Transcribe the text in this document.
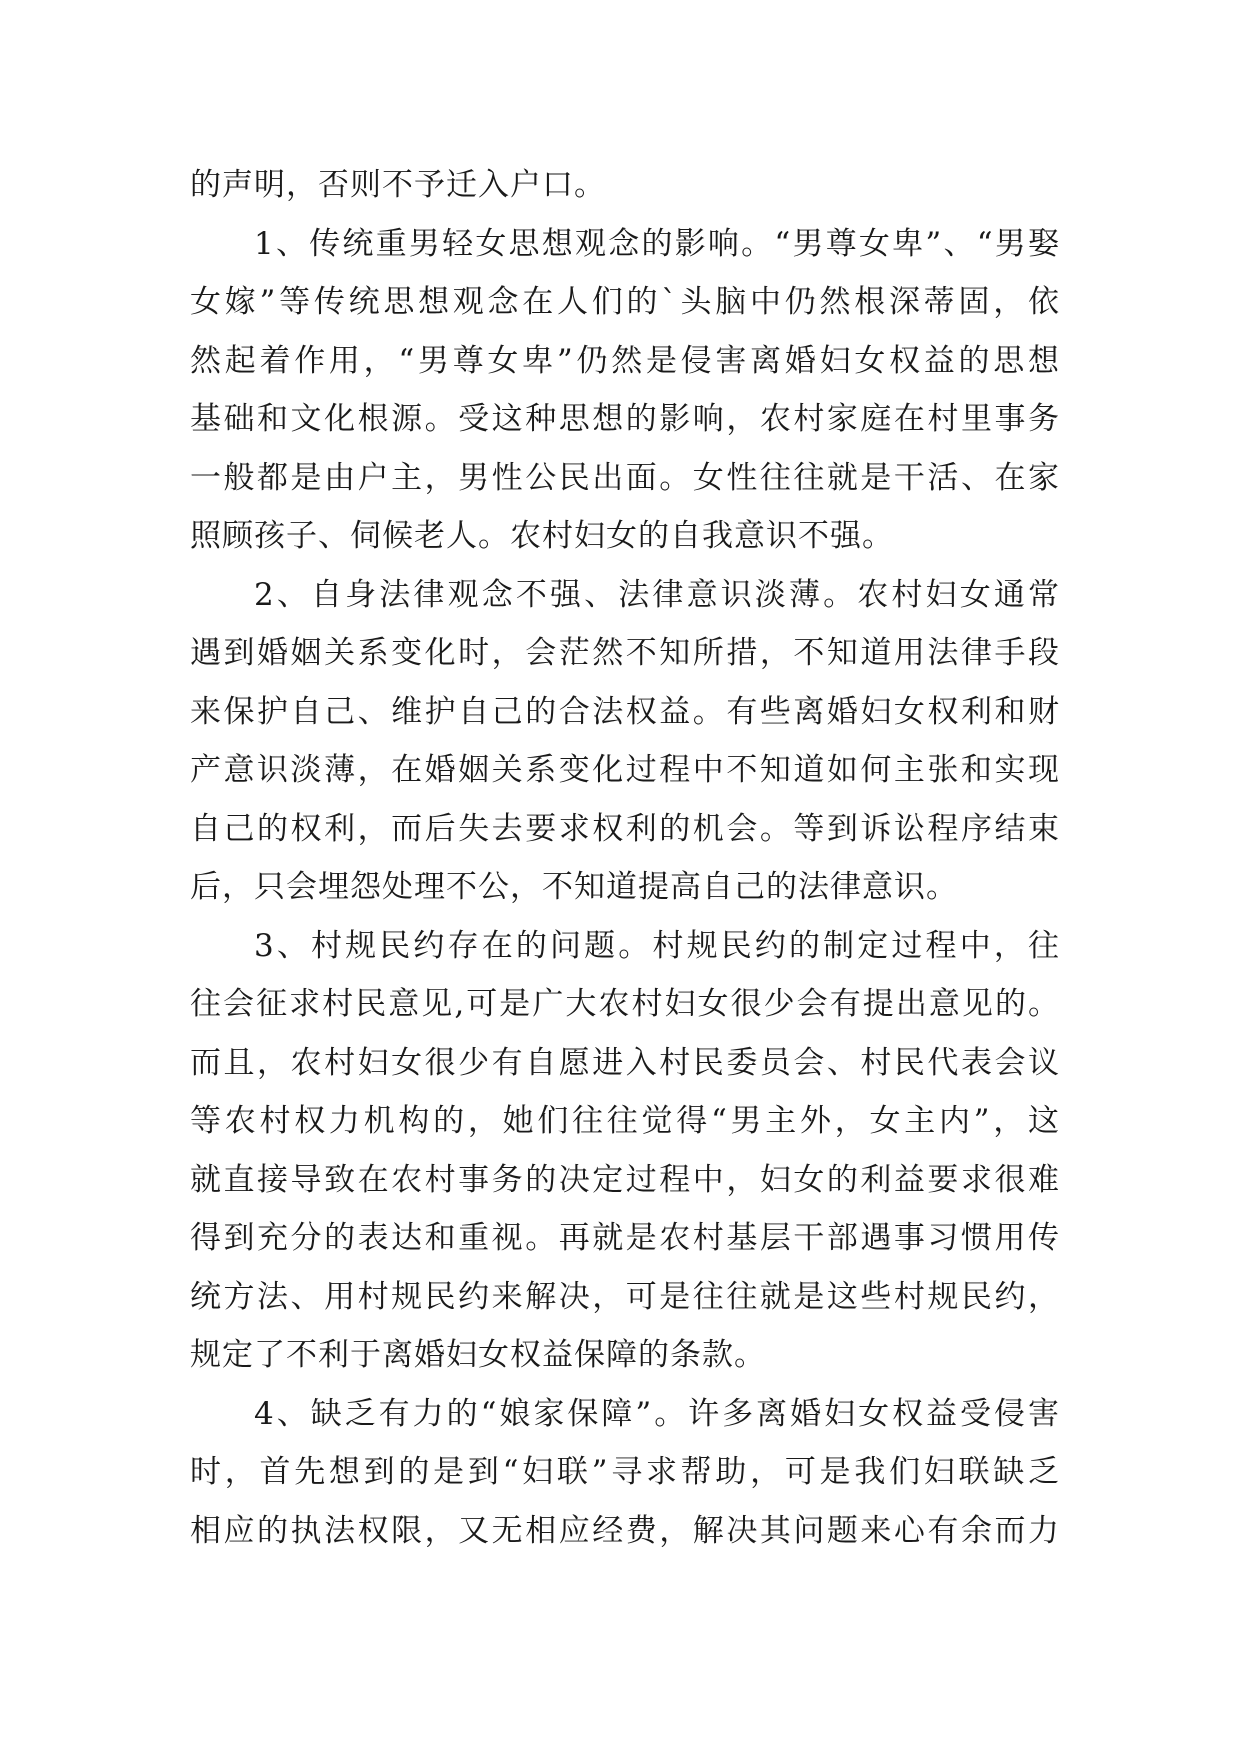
的声明，否则不予迁入户口。
1、传统重男轻女思想观念的影响。“男尊女卑”、“男娶
女嫁”等传统思想观念在人们的`头脑中仍然根深蒂固，依
然起着作用，“男尊女卑”仍然是侵害离婚妇女权益的思想
基础和文化根源。受这种思想的影响，农村家庭在村里事务
一般都是由户主，男性公民出面。女性往往就是干活、在家
照顾孩子、伺候老人。农村妇女的自我意识不强。
2、自身法律观念不强、法律意识淡薄。农村妇女通常
遇到婚姻关系变化时，会茫然不知所措，不知道用法律手段
来保护自己、维护自己的合法权益。有些离婚妇女权利和财
产意识淡薄，在婚姻关系变化过程中不知道如何主张和实现
自己的权利，而后失去要求权利的机会。等到诉讼程序结束
后，只会埋怨处理不公，不知道提高自己的法律意识。
3、村规民约存在的问题。村规民约的制定过程中，往
往会征求村民意见,可是广大农村妇女很少会有提出意见的。
而且，农村妇女很少有自愿进入村民委员会、村民代表会议
等农村权力机构的，她们往往觉得“男主外，女主内”，这
就直接导致在农村事务的决定过程中，妇女的利益要求很难
得到充分的表达和重视。再就是农村基层干部遇事习惯用传
统方法、用村规民约来解决，可是往往就是这些村规民约，
规定了不利于离婚妇女权益保障的条款。
4、缺乏有力的“娘家保障”。许多离婚妇女权益受侵害
时，首先想到的是到“妇联”寻求帮助，可是我们妇联缺乏
相应的执法权限，又无相应经费，解决其问题来心有余而力
